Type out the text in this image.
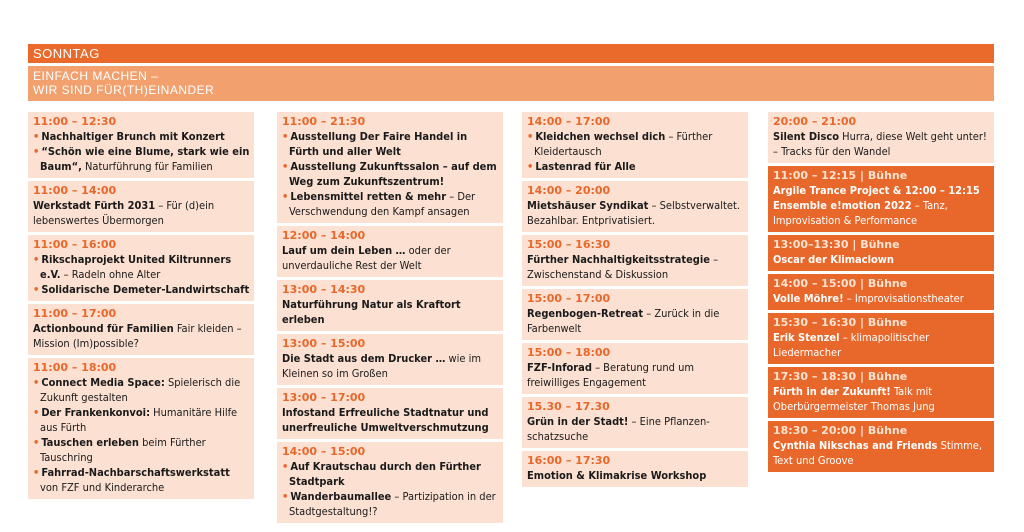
SONNTAG
EINFACH MACHEN –
WIR SIND FÜR(TH)EINANDER
11:00 – 12:30
• Nachhaltiger Brunch mit Konzert
• “Schön wie eine Blume, stark wie ein Baum“, Naturführung für Familien
11:00 – 14:00
Werkstadt Fürth 2031 – Für (d)ein lebenswertes Übermorgen
11:00 – 16:00
• Rikschaprojekt United Kiltrunners e.V. – Radeln ohne Alter
• Solidarische Demeter-Landwirtschaft
11:00 – 17:00
Actionbound für Familien Fair kleiden – Mission (Im)possible?
11:00 – 18:00
• Connect Media Space: Spielerisch die Zukunft gestalten
• Der Frankenkonvoi: Humanitäre Hilfe aus Fürth
• Tauschen erleben beim Fürther Tauschring
• Fahrrad-Nachbarschaftswerkstatt von FZF und Kinderarche
11:00 – 21:30
• Ausstellung Der Faire Handel in Fürth und aller Welt
• Ausstellung Zukunftssalon – auf dem Weg zum Zukunftszentrum!
• Lebensmittel retten & mehr – Der Verschwendung den Kampf ansagen
12:00 – 14:00
Lauf um dein Leben … oder der unverdauliche Rest der Welt
13:00 – 14:30
Naturführung Natur als Kraftort erleben
13:00 – 15:00
Die Stadt aus dem Drucker … wie im Kleinen so im Großen
13:00 – 17:00
Infostand Erfreuliche Stadtnatur und unerfreuliche Umweltverschmutzung
14:00 – 15:00
• Auf Krautschau durch den Fürther Stadtpark
• Wanderbaumallee – Partizipation in der Stadtgestaltung!?
14:00 – 17:00
• Kleidchen wechsel dich – Fürther Kleidertausch
• Lastenrad für Alle
14:00 – 20:00
Mietshäuser Syndikat – Selbstverwaltet. Bezahlbar. Entprivatisiert.
15:00 – 16:30
Fürther Nachhaltigkeitsstrategie – Zwischenstand & Diskussion
15:00 – 17:00
Regenbogen-Retreat – Zurück in die Farbenwelt
15:00 – 18:00
FZF-Inforad – Beratung rund um freiwilliges Engagement
15.30 – 17.30
Grün in der Stadt! – Eine Pflanzen-schatzsuche
16:00 – 17:30
Emotion & Klimakrise Workshop
20:00 – 21:00
Silent Disco Hurra, diese Welt geht unter! – Tracks für den Wandel
11:00 – 12:15 | Bühne
Argile Trance Project & 12:00 – 12:15 Ensemble e!motion 2022 – Tanz, Improvisation & Performance
13:00–13:30 | Bühne
Oscar der Klimaclown
14:00 – 15:00 | Bühne
Volle Möhre! – Improvisationstheater
15:30 – 16:30 | Bühne
Erik Stenzel – klimapolitischer Liedermacher
17:30 – 18:30 | Bühne
Fürth in der Zukunft! Talk mit Oberbürgermeister Thomas Jung
18:30 – 20:00 | Bühne
Cynthia Nikschas and Friends Stimme, Text und Groove
